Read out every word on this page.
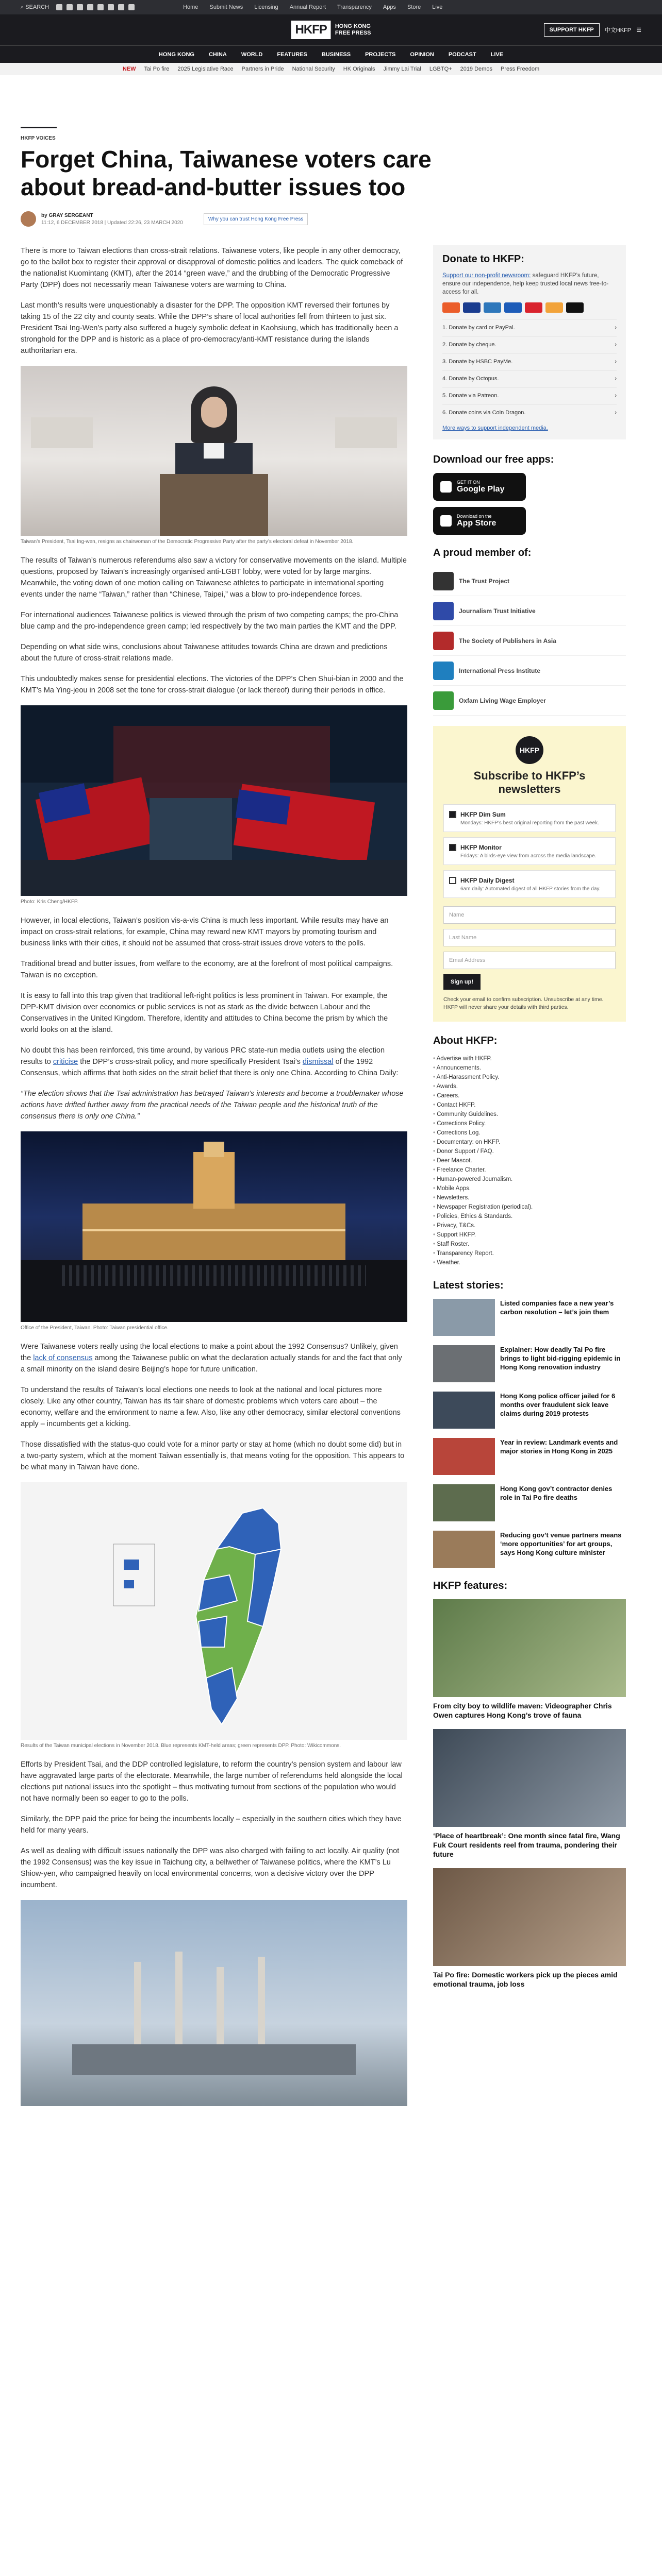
⌕ SEARCH	Home Submit News Licensing Annual Report Transparency Apps Store Live
HKFP	HONG KONG
FREE PRESS	SUPPORT HKFP	中文HKFP ☰
HONG KONG	CHINA	WORLD	FEATURES	BUSINESS	PROJECTS	OPINION	PODCAST	LIVE
NEW Tai Po fire 2025 Legislative Race Partners in Pride National Security HK Originals Jimmy Lai Trial LGBTQ+ 2019 Demos Press Freedom
HKFP VOICES
Forget China, Taiwanese voters care about bread-and-butter issues too
by GRAY SERGEANT
11:12, 6 DECEMBER 2018 | Updated 22:26, 23 MARCH 2020
Why you can trust Hong Kong Free Press

There is more to Taiwan elections than cross-strait relations. Taiwanese voters, like people in any other democracy, go to the ballot box to register their approval or disapproval of domestic politics and leaders. The quick comeback of the nationalist Kuomintang (KMT), after the 2014 “green wave,” and the drubbing of the Democratic Progressive Party (DPP) does not necessarily mean Taiwanese voters are warming to China.

Last month’s results were unquestionably a disaster for the DPP. The opposition KMT reversed their fortunes by taking 15 of the 22 city and county seats. While the DPP’s share of local authorities fell from thirteen to just six. President Tsai Ing-Wen’s party also suffered a hugely symbolic defeat in Kaohsiung, which has traditionally been a stronghold for the DPP and is historic as a place of pro-democracy/anti-KMT resistance during the islands authoritarian era.

Taiwan’s President, Tsai Ing-wen, resigns as chairwoman of the Democratic Progressive Party after the party’s electoral defeat in November 2018.

The results of Taiwan’s numerous referendums also saw a victory for conservative movements on the island. Multiple questions, proposed by Taiwan’s increasingly organised anti-LGBT lobby, were voted for by large margins. Meanwhile, the voting down of one motion calling on Taiwanese athletes to participate in international sporting events under the name “Taiwan,” rather than “Chinese, Taipei,” was a blow to pro-independence forces.

For international audiences Taiwanese politics is viewed through the prism of two competing camps; the pro-China blue camp and the pro-independence green camp; led respectively by the two main parties the KMT and the DPP.

Depending on what side wins, conclusions about Taiwanese attitudes towards China are drawn and predictions about the future of cross-strait relations made.

This undoubtedly makes sense for presidential elections. The victories of the DPP’s Chen Shui-bian in 2000 and the KMT’s Ma Ying-jeou in 2008 set the tone for cross-strait dialogue (or lack thereof) during their periods in office.

Photo: Kris Cheng/HKFP.

However, in local elections, Taiwan’s position vis-a-vis China is much less important. While results may have an impact on cross-strait relations, for example, China may reward new KMT mayors by promoting tourism and business links with their cities, it should not be assumed that cross-strait issues drove voters to the polls.

Traditional bread and butter issues, from welfare to the economy, are at the forefront of most political campaigns. Taiwan is no exception.

It is easy to fall into this trap given that traditional left-right politics is less prominent in Taiwan. For example, the DPP-KMT division over economics or public services is not as stark as the divide between Labour and the Conservatives in the United Kingdom. Therefore, identity and attitudes to China become the prism by which the world looks on at the island.

No doubt this has been reinforced, this time around, by various PRC state-run media outlets using the election results to criticise the DPP’s cross-strait policy, and more specifically President Tsai’s dismissal of the 1992 Consensus, which affirms that both sides on the strait belief that there is only one China. According to China Daily:

“The election shows that the Tsai administration has betrayed Taiwan’s interests and become a troublemaker whose actions have drifted further away from the practical needs of the Taiwan people and the historical truth of the consensus there is only one China.”
Office of the President, Taiwan. Photo: Taiwan presidential office.

Were Taiwanese voters really using the local elections to make a point about the 1992 Consensus? Unlikely, given the lack of consensus among the Taiwanese public on what the declaration actually stands for and the fact that only a small minority on the island desire Beijing’s hope for future unification.

To understand the results of Taiwan’s local elections one needs to look at the national and local pictures more closely. Like any other country, Taiwan has its fair share of domestic problems which voters care about – the economy, welfare and the environment to name a few. Also, like any other democracy, similar electoral conventions apply – incumbents get a kicking.

Those dissatisfied with the status-quo could vote for a minor party or stay at home (which no doubt some did) but in a two-party system, which at the moment Taiwan essentially is, that means voting for the opposition. This appears to be what many in Taiwan have done.

Results of the Taiwan municipal elections in November 2018. Blue represents KMT-held areas; green represents DPP. Photo: Wikicommons.

Efforts by President Tsai, and the DDP controlled legislature, to reform the country’s pension system and labour law have aggravated large parts of the electorate. Meanwhile, the large number of referendums held alongside the local elections put national issues into the spotlight – thus motivating turnout from sections of the population who would not have normally been so eager to go to the polls.

Similarly, the DPP paid the price for being the incumbents locally – especially in the southern cities which they have held for many years.

As well as dealing with difficult issues nationally the DPP was also charged with failing to act locally. Air quality (not the 1992 Consensus) was the key issue in Taichung city, a bellwether of Taiwanese politics, where the KMT’s Lu Shiow-yen, who campaigned heavily on local environmental concerns, won a decisive victory over the DPP incumbent.

Donate to HKFP:

Support our non-profit newsroom: safeguard HKFP’s future, ensure our independence, help keep trusted local news free-to-access for all.

1. Donate by card or PayPal.	›
2. Donate by cheque.	›
3. Donate by HSBC PayMe.	›
4. Donate by Octopus.	›
5. Donate via Patreon.	›
6. Donate coins via Coin Dragon.	›
More ways to support independent media.
Download our free apps:
GET IT ON
Google Play
Download on the
App Store
A proud member of:
The Trust Project
Journalism Trust Initiative
The Society of Publishers in Asia
International Press Institute
Oxfam Living Wage Employer
HKFP
Subscribe to HKFP’s newsletters
HKFP Dim Sum

Mondays: HKFP’s best original reporting from the past week.

HKFP Monitor

Fridays: A birds-eye view from across the media landscape.

HKFP Daily Digest

6am daily: Automated digest of all HKFP stories from the day.

Name
Last Name
Email Address
Sign up!

Check your email to confirm subscription. Unsubscribe at any time. HKFP will never share your details with third parties.

About HKFP:
• Advertise with HKFP.
• Announcements.
• Anti-Harassment Policy.
• Awards.
• Careers.
• Contact HKFP.
• Community Guidelines.
• Corrections Policy.
• Corrections Log.
• Documentary: on HKFP.
• Donor Support / FAQ.
• Deer Mascot.
• Freelance Charter.
• Human-powered Journalism.
• Mobile Apps.
• Newsletters.
• Newspaper Registration (periodical).
• Policies, Ethics & Standards.
• Privacy, T&Cs.
• Support HKFP.
• Staff Roster.
• Transparency Report.
• Weather.
Latest stories:
Listed companies face a new year’s carbon resolution – let’s join them
Explainer: How deadly Tai Po fire brings to light bid-rigging epidemic in Hong Kong renovation industry
Hong Kong police officer jailed for 6 months over fraudulent sick leave claims during 2019 protests
Year in review: Landmark events and major stories in Hong Kong in 2025
Hong Kong gov’t contractor denies role in Tai Po fire deaths
Reducing gov’t venue partners means ‘more opportunities’ for art groups, says Hong Kong culture minister
HKFP features:
From city boy to wildlife maven: Videographer Chris Owen captures Hong Kong’s trove of fauna
‘Place of heartbreak’: One month since fatal fire, Wang Fuk Court residents reel from trauma, pondering their future
Tai Po fire: Domestic workers pick up the pieces amid emotional trauma, job loss
